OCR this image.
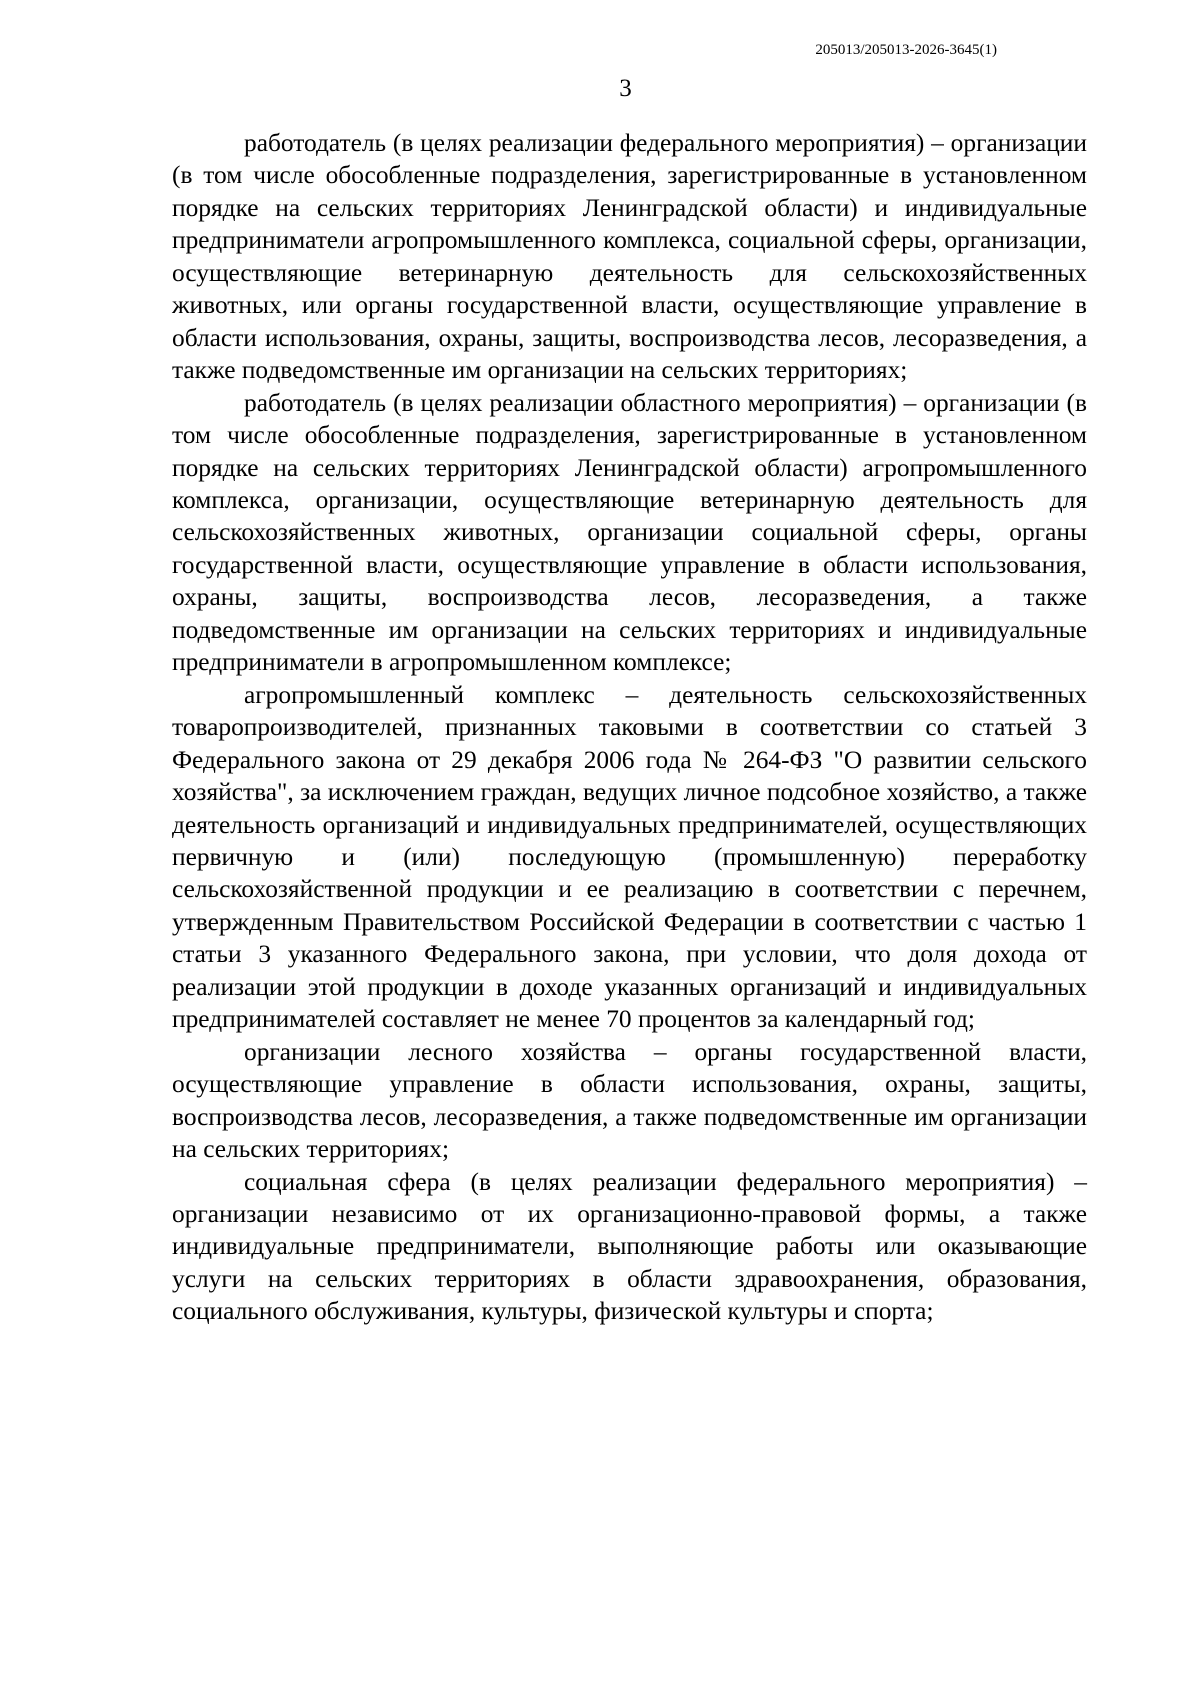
205013/205013-2026-3645(1)
3

работодатель (в целях реализации федерального мероприятия) – организации (в том числе обособленные подразделения, зарегистрированные в установленном порядке на сельских территориях Ленинградской области) и индивидуальные предприниматели агропромышленного комплекса, социальной сферы, организации, осуществляющие ветеринарную деятельность для сельскохозяйственных животных, или органы государственной власти, осуществляющие управление в области использования, охраны, защиты, воспроизводства лесов, лесоразведения, а также подведомственные им организации на сельских территориях;

работодатель (в целях реализации областного мероприятия) – организации (в том числе обособленные подразделения, зарегистрированные в установленном порядке на сельских территориях Ленинградской области) агропромышленного комплекса, организации, осуществляющие ветеринарную деятельность для сельскохозяйственных животных, организации социальной сферы, органы государственной власти, осуществляющие управление в области использования, охраны, защиты, воспроизводства лесов, лесоразведения, а также подведомственные им организации на сельских территориях и индивидуальные предприниматели в агропромышленном комплексе;

агропромышленный комплекс – деятельность сельскохозяйственных товаропроизводителей, признанных таковыми в соответствии со статьей 3 Федерального закона от 29 декабря 2006 года № 264-ФЗ "О развитии сельского хозяйства", за исключением граждан, ведущих личное подсобное хозяйство, а также деятельность организаций и индивидуальных предпринимателей, осуществляющих первичную и (или) последующую (промышленную) переработку сельскохозяйственной продукции и ее реализацию в соответствии с перечнем, утвержденным Правительством Российской Федерации в соответствии с частью 1 статьи 3 указанного Федерального закона, при условии, что доля дохода от реализации этой продукции в доходе указанных организаций и индивидуальных предпринимателей составляет не менее 70 процентов за календарный год;

организации лесного хозяйства – органы государственной власти, осуществляющие управление в области использования, охраны, защиты, воспроизводства лесов, лесоразведения, а также подведомственные им организации на сельских территориях;

социальная сфера (в целях реализации федерального мероприятия) – организации независимо от их организационно-правовой формы, а также индивидуальные предприниматели, выполняющие работы или оказывающие услуги на сельских территориях в области здравоохранения, образования, социального обслуживания, культуры, физической культуры и спорта;
